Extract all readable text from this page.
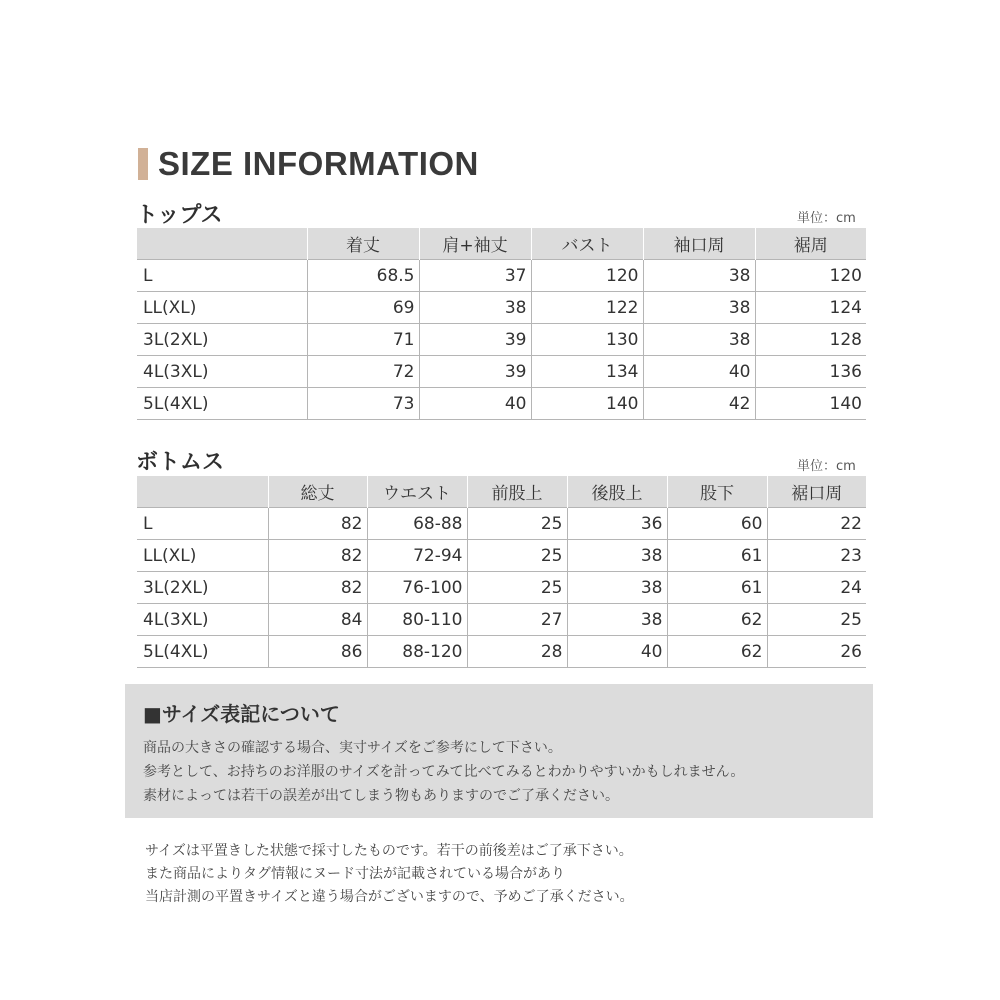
SIZE INFORMATION
トップス	単位：cm
	着丈	肩+袖丈	バスト	袖口周	裾周
L	68.5	37	120	38	120
LL(XL)	69	38	122	38	124
3L(2XL)	71	39	130	38	128
4L(3XL)	72	39	134	40	136
5L(4XL)	73	40	140	42	140
ボトムス	単位：cm
	総丈	ウエスト	前股上	後股上	股下	裾口周
L	82	68-88	25	36	60	22
LL(XL)	82	72-94	25	38	61	23
3L(2XL)	82	76-100	25	38	61	24
4L(3XL)	84	80-110	27	38	62	25
5L(4XL)	86	88-120	28	40	62	26
■サイズ表記について
商品の大きさの確認する場合、実寸サイズをご参考にして下さい。
参考として、お持ちのお洋服のサイズを計ってみて比べてみるとわかりやすいかもしれません。
素材によっては若干の誤差が出てしまう物もありますのでご了承ください。
サイズは平置きした状態で採寸したものです。若干の前後差はご了承下さい。
また商品によりタグ情報にヌード寸法が記載されている場合があり
当店計測の平置きサイズと違う場合がございますので、予めご了承ください。
